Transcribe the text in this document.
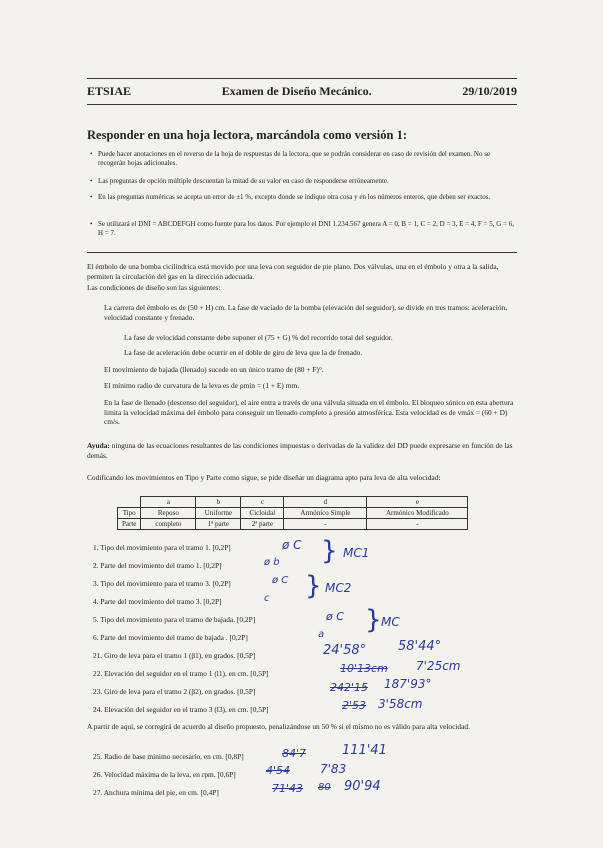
ETSIAE	Examen de Diseño Mecánico.	29/10/2019
Responder en una hoja lectora, marcándola como versión 1:
• Puede hacer anotaciones en el reverso de la hoja de respuestas de la lectora, que se podrán considerar en caso de revisión del examen. No se recogerán hojas adicionales.
• Las preguntas de opción múltiple descuentan la mitad de su valor en caso de responderse erróneamente.
• En las preguntas numéricas se acepta un error de ±1 %, excepto donde se indique otra cosa y en los números enteros, que deben ser exactos.
• Se utilizará el DNI = ABCDEFGH como fuente para los datos. Por ejemplo el DNI 1.234.567 genera A = 0, B = 1, C = 2, D = 3, E = 4, F = 5, G = 6, H = 7.
El émbolo de una bomba cicilíndrica está movido por una leva con seguidor de pie plano. Dos válvulas, una en el émbolo y otra a la salida, permiten la circulación del gas en la dirección adecuada.
Las condiciones de diseño son las siguientes:
La carrera del émbolo es de (50 + H) cm. La fase de vaciado de la bomba (elevación del seguidor), se divide en tres tramos: aceleración, velocidad constante y frenado.
La fase de velocidad constante debe suponer el (75 + G) % del recorrido total del seguidor.
La fase de aceleración debe ocurrir en el doble de giro de leva que la de frenado.
El movimiento de bajada (llenado) sucede en un único tramo de (80 + F)°.
El mínimo radio de curvatura de la leva es de ρmín = (1 + E) mm.
En la fase de llenado (descenso del seguidor), el aire entra a través de una válvula situada en el émbolo. El bloqueo sónico en esta abertura limita la velocidad máxima del émbolo para conseguir un llenado completo a presión atmosférica. Esta velocidad es de vmáx = (60 + D) cm/s.
Ayuda: ninguna de las ecuaciones resultantes de las condiciones impuestas o derivadas de la validez del DD puede expresarse en función de las demás.
Codificando los movimientos en Tipo y Parte como sigue, se pide diseñar un diagrama apto para leva de alta velocidad:
	a	b	c	d	e
Tipo	Reposo	Uniforme	Cicloidal	Armónico Simple	Armónico Modificado
Parte	completo	1ª parte	2ª parte	-	-
1. Tipo del movimiento para el tramo 1. [0,2P]
2. Parte del movimiento del tramo 1. [0,2P]
3. Tipo del movimiento para el tramo 3. [0,2P]
4. Parte del movimiento del tramo 3. [0,2P]
5. Tipo del movimiento para el tramo de bajada. [0,2P]
6. Parte del movimiento del tramo de bajada . [0,2P]
21. Giro de leva para el tramo 1 (β1), en grados. [0,5P]
22. Elevación del seguidor en el tramo 1 (l1), en cm. [0,5P]
23. Giro de leva para el tramo 2 (β2), en grados. [0,5P]
24. Elevación del seguidor en el tramo 3 (l3), en cm. [0,5P]
A partir de aquí, se corregirá de acuerdo al diseño propuesto, penalizándose un 50 % si el mismo no es válido para alta velocidad.
25. Radio de base mínimo necesario, en cm. [0,8P]
26. Velocidad máxima de la leva, en rpm. [0,6P]
27. Anchura mínima del pie, en cm. [0,4P]
ø C
ø b
ø C
c
ø C
a
} MC1
} MC2
} MC
24'58° 58'44°
10'13cm 7'25cm
242'15 187'93°
2'53 3'58cm
84'7	111'41
4'54 7'83
71'43 80 90'94
